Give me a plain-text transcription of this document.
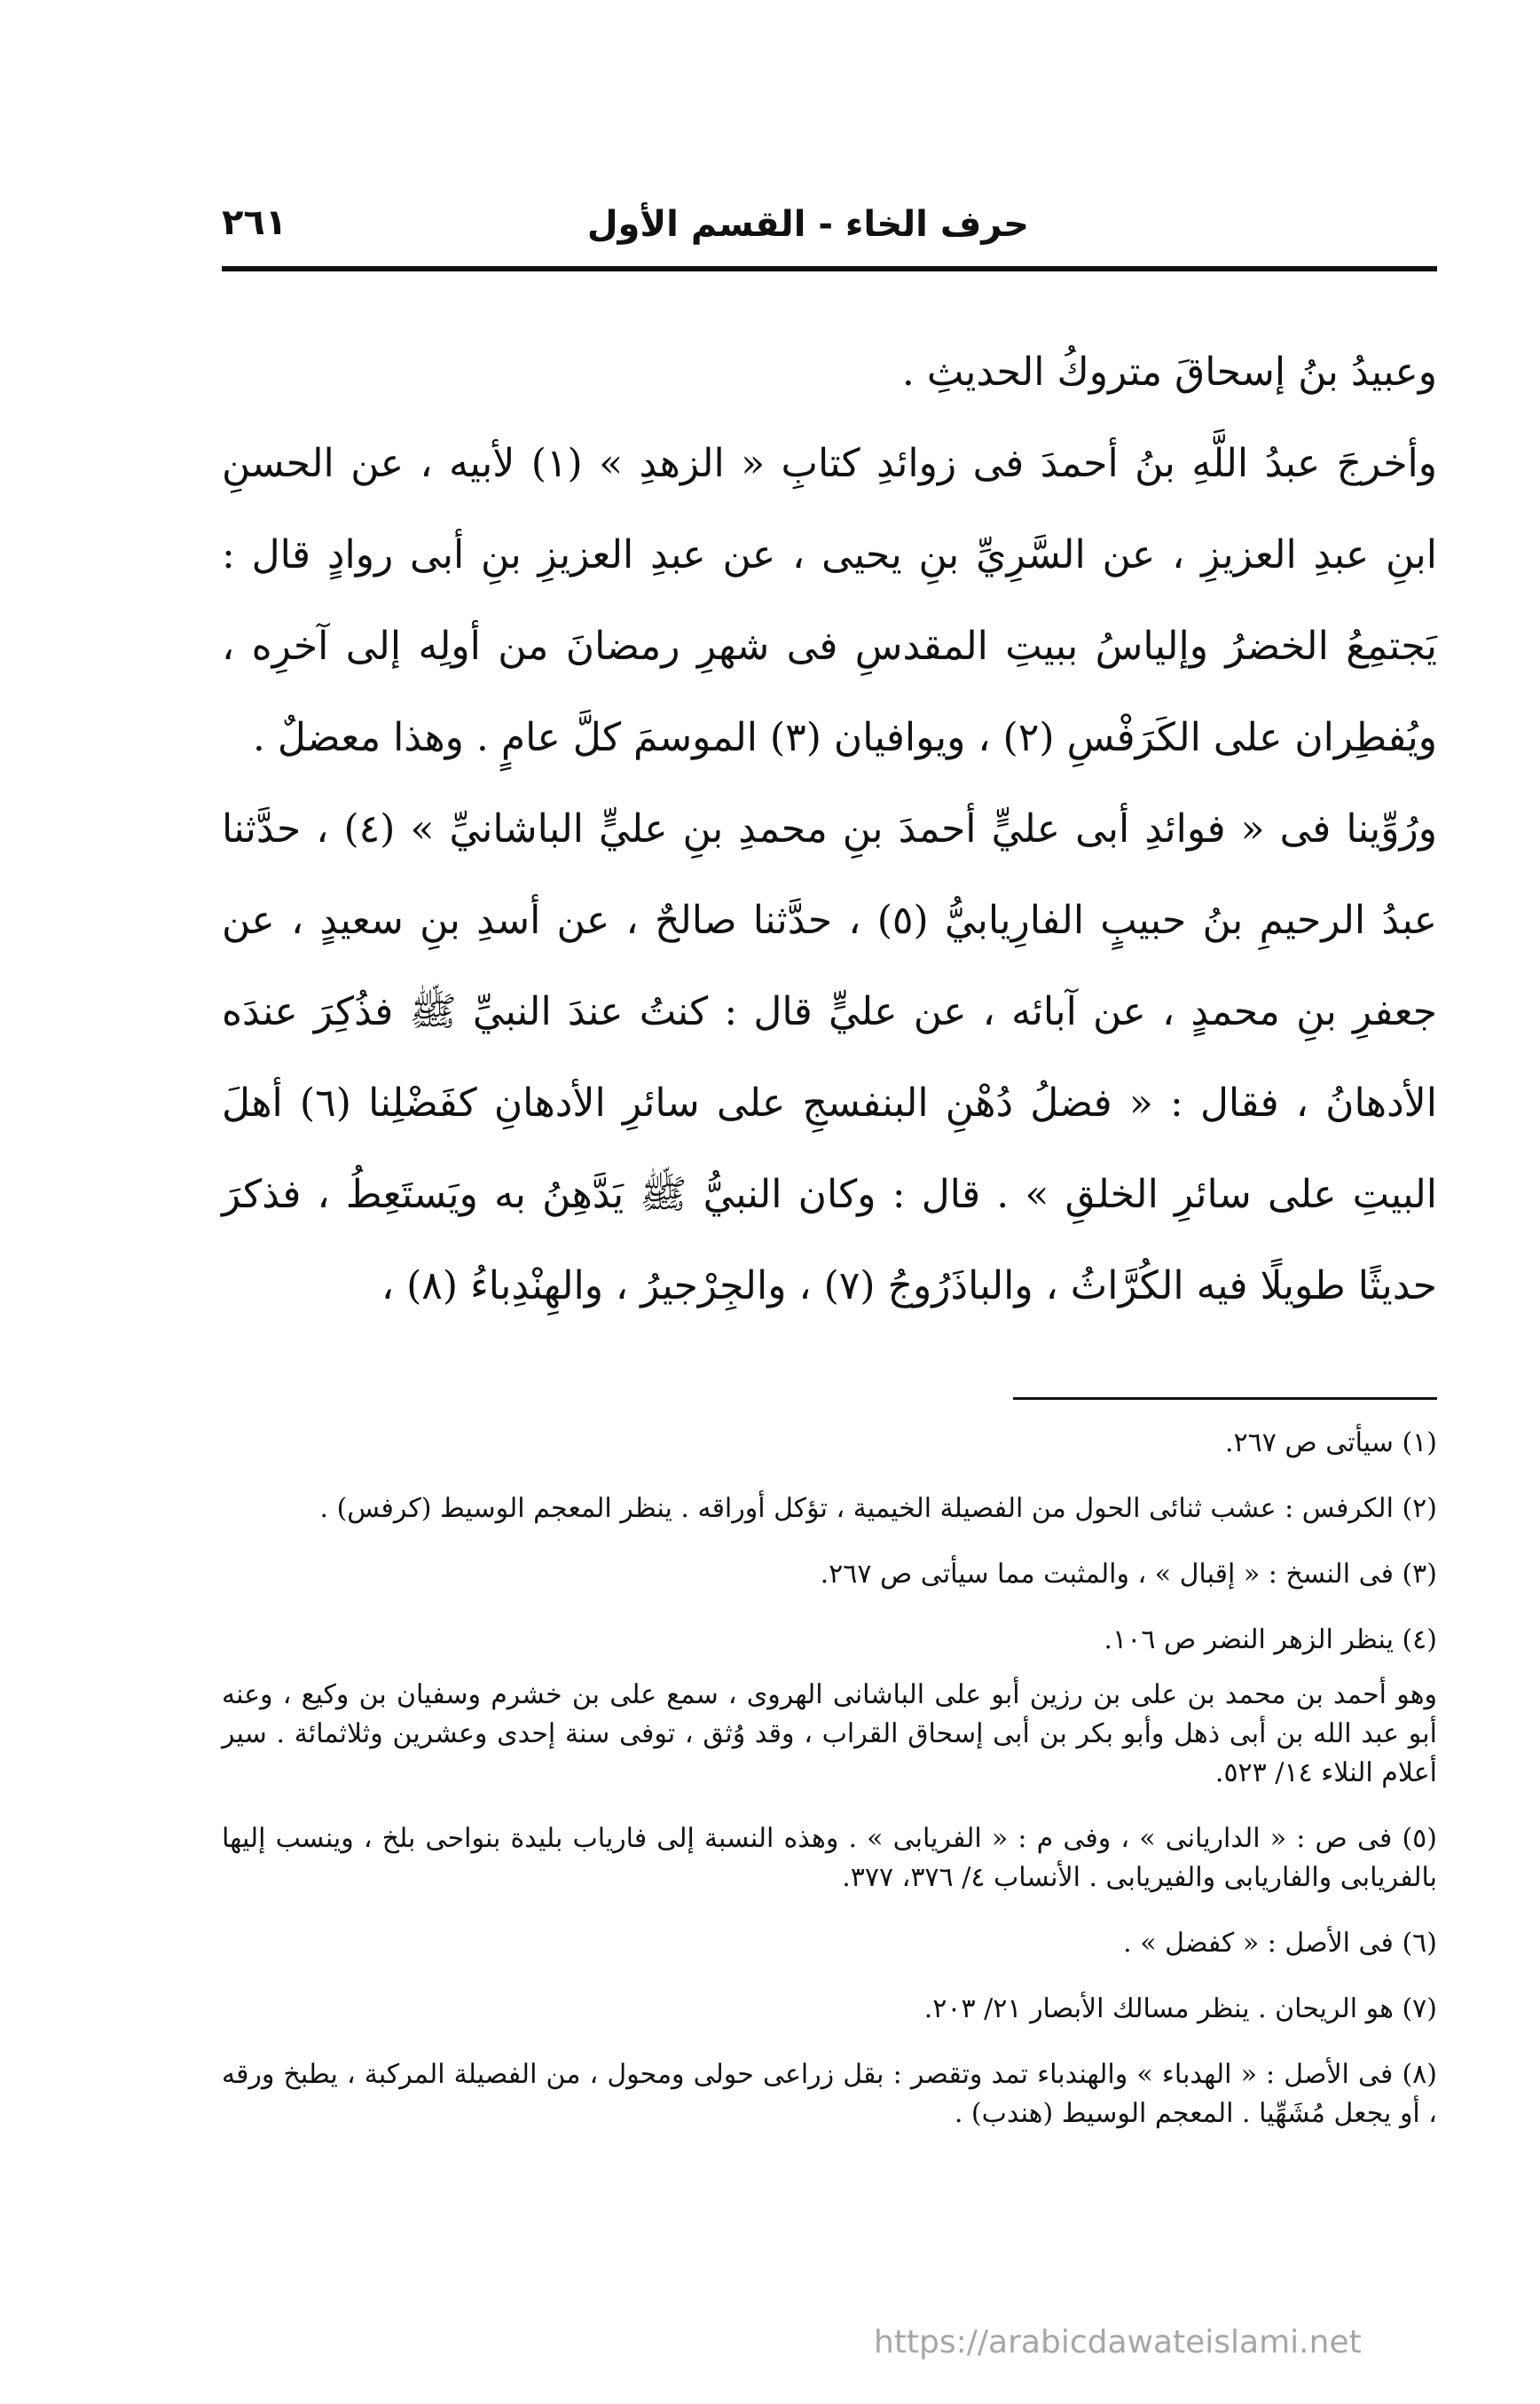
حرف الخاء - القسم الأول
٢٦١

وعبيدُ بنُ إسحاقَ متروكُ الحديثِ .

وأخرجَ عبدُ اللَّهِ بنُ أحمدَ فى زوائدِ كتابِ « الزهدِ » (١) لأبيه ، عن الحسنِ ابنِ عبدِ العزيزِ ، عن السَّرِيِّ بنِ يحيى ، عن عبدِ العزيزِ بنِ أبى روادٍ قال : يَجتمِعُ الخضرُ وإلياسُ ببيتِ المقدسِ فى شهرِ رمضانَ من أولِه إلى آخرِه ، ويُفطِران على الكَرَفْسِ (٢) ، ويوافيان (٣) الموسمَ كلَّ عامٍ . وهذا معضلٌ .

ورُوِّينا فى « فوائدِ أبى عليٍّ أحمدَ بنِ محمدِ بنِ عليٍّ الباشانيِّ » (٤) ، حدَّثنا عبدُ الرحيمِ بنُ حبيبٍ الفارِيابيُّ (٥) ، حدَّثنا صالحٌ ، عن أسدِ بنِ سعيدٍ ، عن جعفرِ بنِ محمدٍ ، عن آبائه ، عن عليٍّ قال : كنتُ عندَ النبيِّ ﷺ فذُكِرَ عندَه الأدهانُ ، فقال : « فضلُ دُهْنِ البنفسجِ على سائرِ الأدهانِ كفَضْلِنا (٦) أهلَ البيتِ على سائرِ الخلقِ » . قال : وكان النبيُّ ﷺ يَدَّهِنُ به ويَستَعِطُ ، فذكرَ حديثًا طويلًا فيه الكُرَّاثُ ، والباذَرُوجُ (٧) ، والجِرْجيرُ ، والهِنْدِباءُ (٨) ،

(١) سيأتى ص ٢٦٧.

(٢) الكرفس : عشب ثنائى الحول من الفصيلة الخيمية ، تؤكل أوراقه . ينظر المعجم الوسيط (كرفس) .

(٣) فى النسخ : « إقبال » ، والمثبت مما سيأتى ص ٢٦٧.

(٤) ينظر الزهر النضر ص ١٠٦.

وهو أحمد بن محمد بن على بن رزين أبو على الباشانى الهروى ، سمع على بن خشرم وسفيان بن وكيع ، وعنه أبو عبد الله بن أبى ذهل وأبو بكر بن أبى إسحاق القراب ، وقد وُثق ، توفى سنة إحدى وعشرين وثلاثمائة . سير أعلام النلاء ١٤/ ٥٢٣.

(٥) فى ص : « الداريانى » ، وفى م : « الفريابى » . وهذه النسبة إلى فارياب بليدة بنواحى بلخ ، وينسب إليها بالفريابى والفاريابى والفيريابى . الأنساب ٤/ ٣٧٦، ٣٧٧.

(٦) فى الأصل : « كفضل » .

(٧) هو الريحان . ينظر مسالك الأبصار ٢١/ ٢٠٣.

(٨) فى الأصل : « الهدباء » والهندباء تمد وتقصر : بقل زراعى حولى ومحول ، من الفصيلة المركبة ، يطبخ ورقه ، أو يجعل مُشَهِّيا . المعجم الوسيط (هندب) .

https://arabicdawateislami.net
